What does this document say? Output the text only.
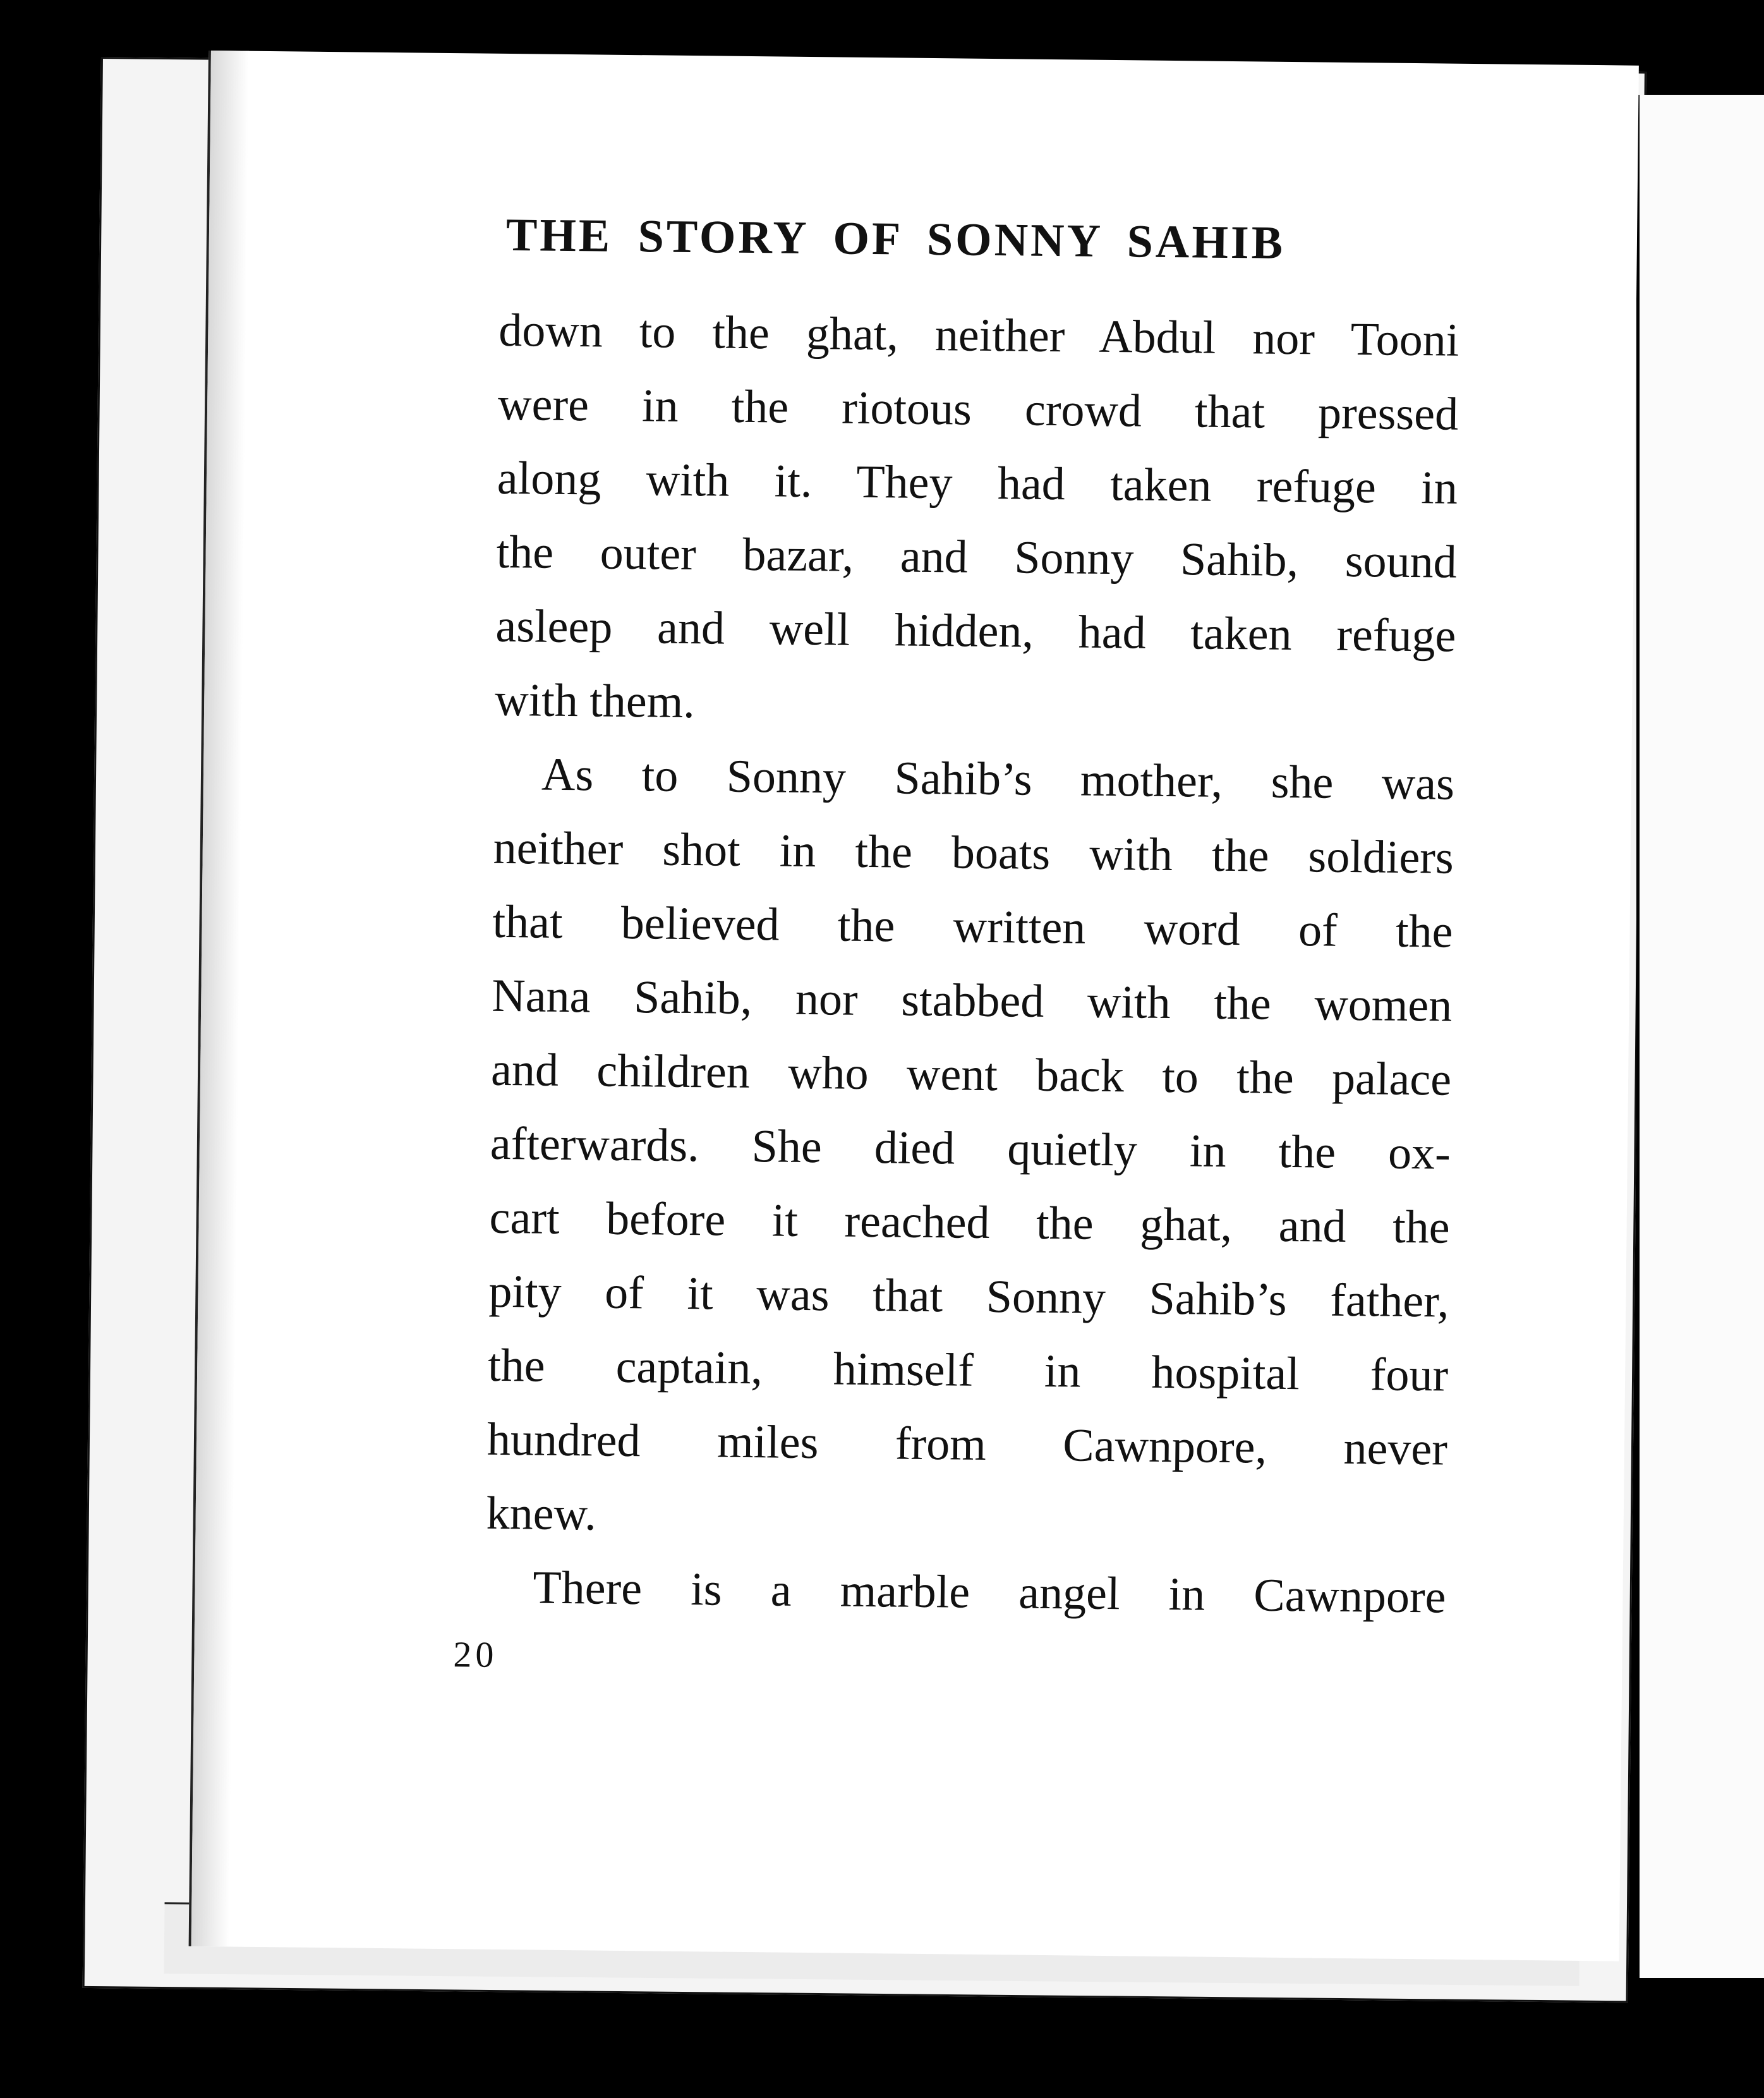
THE STORY OF SONNY SAHIB
down to the ghat, neither Abdul nor Tooni
were in the riotous crowd that pressed
along with it. They had taken refuge in
the outer bazar, and Sonny Sahib, sound
asleep and well hidden, had taken refuge
with them.
As to Sonny Sahib’s mother, she was
neither shot in the boats with the soldiers
that believed the written word of the
Nana Sahib, nor stabbed with the women
and children who went back to the palace
afterwards. She died quietly in the ox-
cart before it reached the ghat, and the
pity of it was that Sonny Sahib’s father,
the captain, himself in hospital four
hundred miles from Cawnpore, never
knew.
There is a marble angel in Cawnpore
20
